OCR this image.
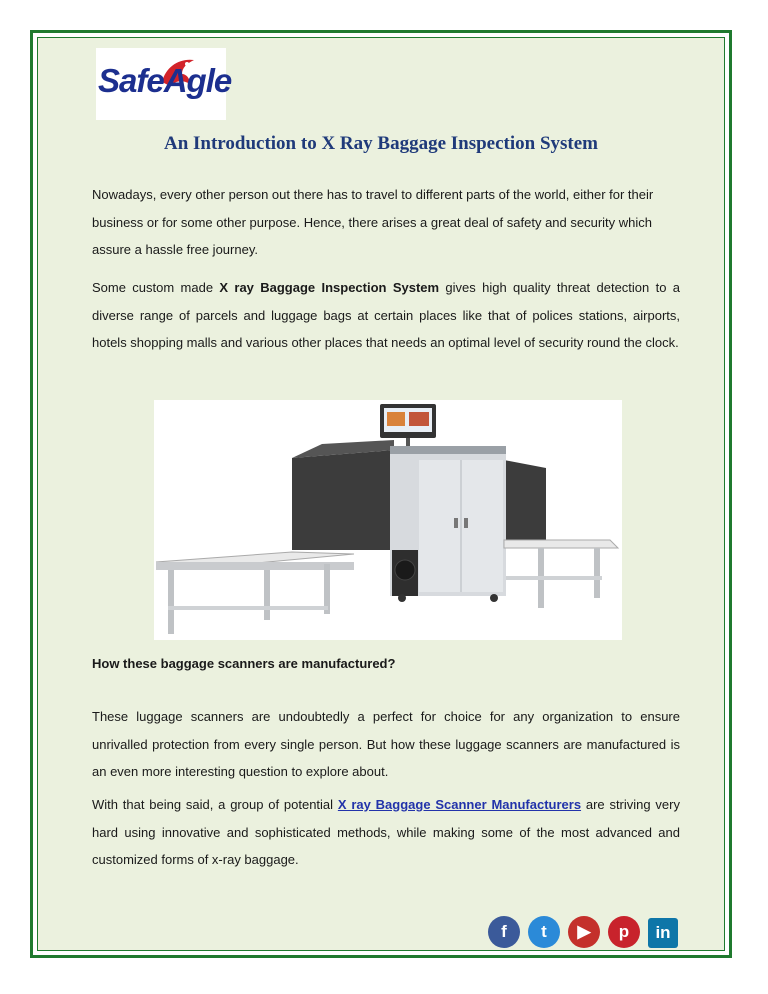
SafeAgle
An Introduction to X Ray Baggage Inspection System

Nowadays, every other person out there has to travel to different parts of the world, either for their business or for some other purpose. Hence, there arises a great deal of safety and security which assure a hassle free journey.

Some custom made X ray Baggage Inspection System gives high quality threat detection to a diverse range of parcels and luggage bags at certain places like that of polices stations, airports, hotels shopping malls and various other places that needs an optimal level of security round the clock.

How these baggage scanners are manufactured?

These luggage scanners are undoubtedly a perfect for choice for any organization to ensure unrivalled protection from every single person. But how these luggage scanners are manufactured is an even more interesting question to explore about.

With that being said, a group of potential X ray Baggage Scanner Manufacturers are striving very hard using innovative and sophisticated methods, while making some of the most advanced and customized forms of x-ray baggage.

f	t	▶	p	in
